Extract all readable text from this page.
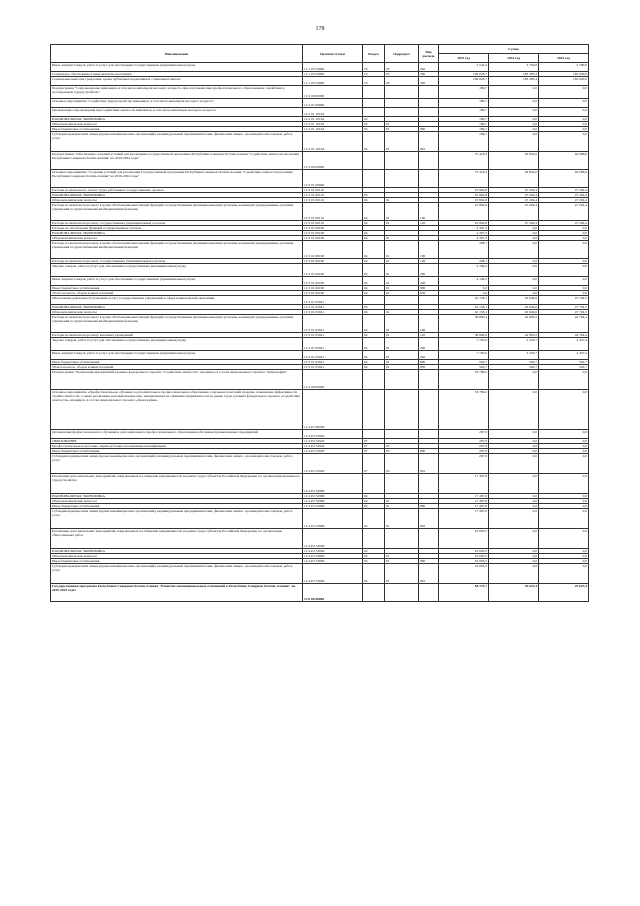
178
Наименование	Целевая статья	Раздел	Подраздел	Вид расхода	Сумма		
					2023 год	2024 год	2025 год
Иные закупки товаров, работ и услуг для обеспечения государственных (муниципальных) нужд	12 1 03 52900	10	03	240	2 544,4	2 750,8	2 780,0
Социальное обеспечение и иные выплаты населению	12 1 03 52900	10	03	300	169 028,7	183 383,4	185 929,0
Социальные выплаты гражданам, кроме публичных нормативных социальных выплат	12 1 03 52900	10	03	320	169 028,7	183 383,4	185 929,0
Подпрограмма "Сопровождение инвалидов, в том числе инвалидов молодого возраста, при получении ими профессионального образования и содействия в последующем трудоустройстве"	12 2 00 00000				189,7	0,0	0,0
Основное мероприятие "Содействие трудоустройству инвалидов, в том числе инвалидов молодого возраста"	12 2 01 00000				189,7	0,0	0,0
Организация сопровождения при содействии занятости инвалидов, в том числе инвалидов молодого возраста	12 2 01 10164				189,7	0,0	0,0
НАЦИОНАЛЬНАЯ ЭКОНОМИКА	12 2 01 10164	04			189,7	0,0	0,0
Общеэкономические вопросы	12 2 01 10164	04	01		189,7	0,0	0,0
Иные бюджетные ассигнования	12 2 01 10164	04	01	800	189,7	0,0	0,0
Субсидии юридическим лицам (кроме некоммерческих организаций), индивидуальным предпринимателям, физическим лицам - производителям товаров, работ, услуг	12 2 01 10164	04	01	810	189,7	0,0	0,0
Подпрограмма "Обеспечение создания условий для реализации государственной программы Республики Северная Осетия-Алания "Содействие занятости населения Республики Северная Осетия-Алания" на 2016-2024 годы"	12 3 00 00000				75 418,2	92 854,0	94 908,9
Основное мероприятие "Создание условий для реализации Государственной программы Республики Северная Осетия-Алания "Содействие занятости населения Республики Северная Осетия-Алания" на 2016-2024 годы"	12 3 01 00000				75 418,2	92 854,0	94 908,9
Расходы на выплаты по оплате труда работников государственных органов	12 3 01 00110				25 862,8	47 204,4	47 204,4
НАЦИОНАЛЬНАЯ ЭКОНОМИКА	12 3 01 00110	04			25 862,8	47 204,4	47 204,4
Общеэкономические вопросы	12 3 01 00110	04	01		25 862,8	47 204,4	47 204,4
Расходы на выплаты персоналу в целях обеспечения выполнения функций государственными (муниципальными) органами, казенными учреждениями, органами управления государственными внебюджетными фондами	12 3 01 00110	04	01	100	25 862,8	47 204,4	47 204,4
Расходы на выплаты персоналу государственных (муниципальных) органов	12 3 01 00110	04	01	120	25 862,8	47 204,4	47 204,4
Расходы на обеспечение функций государственных органов	12 3 01 00190				4 397,3	0,0	0,0
НАЦИОНАЛЬНАЯ ЭКОНОМИКА	12 3 01 00190	04			4 397,3	0,0	0,0
Общеэкономические вопросы	12 3 01 00190	04	01		4 397,3	0,0	0,0
Расходы на выплаты персоналу в целях обеспечения выполнения функций государственными (муниципальными) органами, казенными учреждениями, органами управления государственными внебюджетными фондами	12 3 01 00190	04	01	100	208,1	0,0	0,0
Расходы на выплаты персоналу государственных (муниципальных) органов	12 3 01 00190	04	01	120	208,1	0,0	0,0
Закупка товаров, работ и услуг для обеспечения государственных (муниципальных) нужд	12 3 01 00190	04	01	200	4 184,2	0,0	0,0
Иные закупки товаров, работ и услуг для обеспечения государственных (муниципальных) нужд	12 3 01 00190	04	01	240	4 184,2	0,0	0,0
Иные бюджетные ассигнования	12 3 01 00190	04	01	800	5,0	0,0	0,0
Уплата налогов, сборов и иных платежей	12 3 01 00190	04	01	850	5,0	0,0	0,0
Обеспечение деятельности (оказание услуг) государственных учреждений в сфере национальной экономики	12 3 01 05041				45 158,1	45 649,6	47 704,5
НАЦИОНАЛЬНАЯ ЭКОНОМИКА	12 3 01 05041	04			45 158,1	45 649,6	47 704,5
Общеэкономические вопросы	12 3 01 05041	04	01		45 158,1	45 649,6	47 704,5
Расходы на выплаты персоналу в целях обеспечения выполнения функций государственными (муниципальными) органами, казенными учреждениями, органами управления государственными внебюджетными фондами	12 3 01 05041	04	01	100	36 890,4	42 803,2	44 764,4
Расходы на выплаты персоналу казенных учреждений	12 3 01 05041	04	01	110	36 890,4	42 803,2	44 764,4
Закупка товаров, работ и услуг для обеспечения государственных (муниципальных) нужд	12 3 01 05041	04	01	200	7 765,0	2 343,7	2 437,4
Иные закупки товаров, работ и услуг для обеспечения государственных (муниципальных) нужд	12 3 01 05041	04	01	240	7 765,0	2 343,7	2 437,4
Иные бюджетные ассигнования	12 3 01 05041	04	01	800	502,7	502,7	502,7
Уплата налогов, сборов и иных платежей	12 3 01 05041	04	01	850	502,7	502,7	502,7
Подпрограмма "Реализация мероприятий в рамках федерального проекта "Содействие занятости", входящего в состав национального проекта "Демография"	12 4 00 00000				33 789,2	0,0	0,0
Основное мероприятие «Профессиональное обучение и дополнительное профессиональное образование отдельных категорий граждан, повышение эффективности службы занятости, а также реализация дополнительных мер, направленных на снижение напряженности на рынке труда в рамках федерального проекта «Содействие занятости», входящего в состав национального проекта «Демография»	12 4 P2 00000				33 789,2	0,0	0,0
Организация профессионального обучения и дополнительного профессионального образования работников промышленных предприятий	12 4 P2 52920				297,9	0,0	0,0
ОБРАЗОВАНИЕ	12 4 P2 52920	07			297,9	0,0	0,0
Профессиональная подготовка, переподготовка и повышение квалификации	12 4 P2 52920	07	05		297,9	0,0	0,0
Иные бюджетные ассигнования	12 4 P2 52920	07	05	800	297,9	0,0	0,0
Субсидии юридическим лицам (кроме некоммерческих организаций), индивидуальным предпринимателям, физическим лицам - производителям товаров, работ, услуг	12 4 P2 52920	07	05	810	297,9	0,0	0,0
Реализация дополнительных мероприятий, направленных на снижение напряженности на рынке труда субъектов Российской Федерации, по организации временного трудоустройства	12 4 P2 52980				17 487,8	0,0	0,0
НАЦИОНАЛЬНАЯ ЭКОНОМИКА	12 4 P2 52980	04			17 487,8	0,0	0,0
Общеэкономические вопросы	12 4 P2 52980	04	01		17 487,8	0,0	0,0
Иные бюджетные ассигнования	12 4 P2 52980	04	01	800	17 487,8	0,0	0,0
Субсидии юридическим лицам (кроме некоммерческих организаций), индивидуальным предпринимателям, физическим лицам - производителям товаров, работ, услуг	12 4 P2 52980	04	01	810	17 487,8	0,0	0,0
Реализация дополнительных мероприятий, направленных на снижение напряженности на рынке труда субъектов Российской Федерации, по организации общественных работ	12 4 P2 53000				16 003,5	0,0	0,0
НАЦИОНАЛЬНАЯ ЭКОНОМИКА	12 4 P2 53000	04			16 003,5	0,0	0,0
Общеэкономические вопросы	12 4 P2 53000	04	01		16 003,5	0,0	0,0
Иные бюджетные ассигнования	12 4 P2 53000	04	01	800	16 003,5	0,0	0,0
Субсидии юридическим лицам (кроме некоммерческих организаций), индивидуальным предпринимателям, физическим лицам - производителям товаров, работ, услуг	12 4 P2 53000	04	01	810	16 003,5	0,0	0,0
Государственная программа Республики Северная Осетия-Алания "Развитие межнациональных отношений в Республике Северная Осетия-Алания" на 2019-2025 годы	13 0 00 00000				58 175,7	29 623,4	29 623,4
